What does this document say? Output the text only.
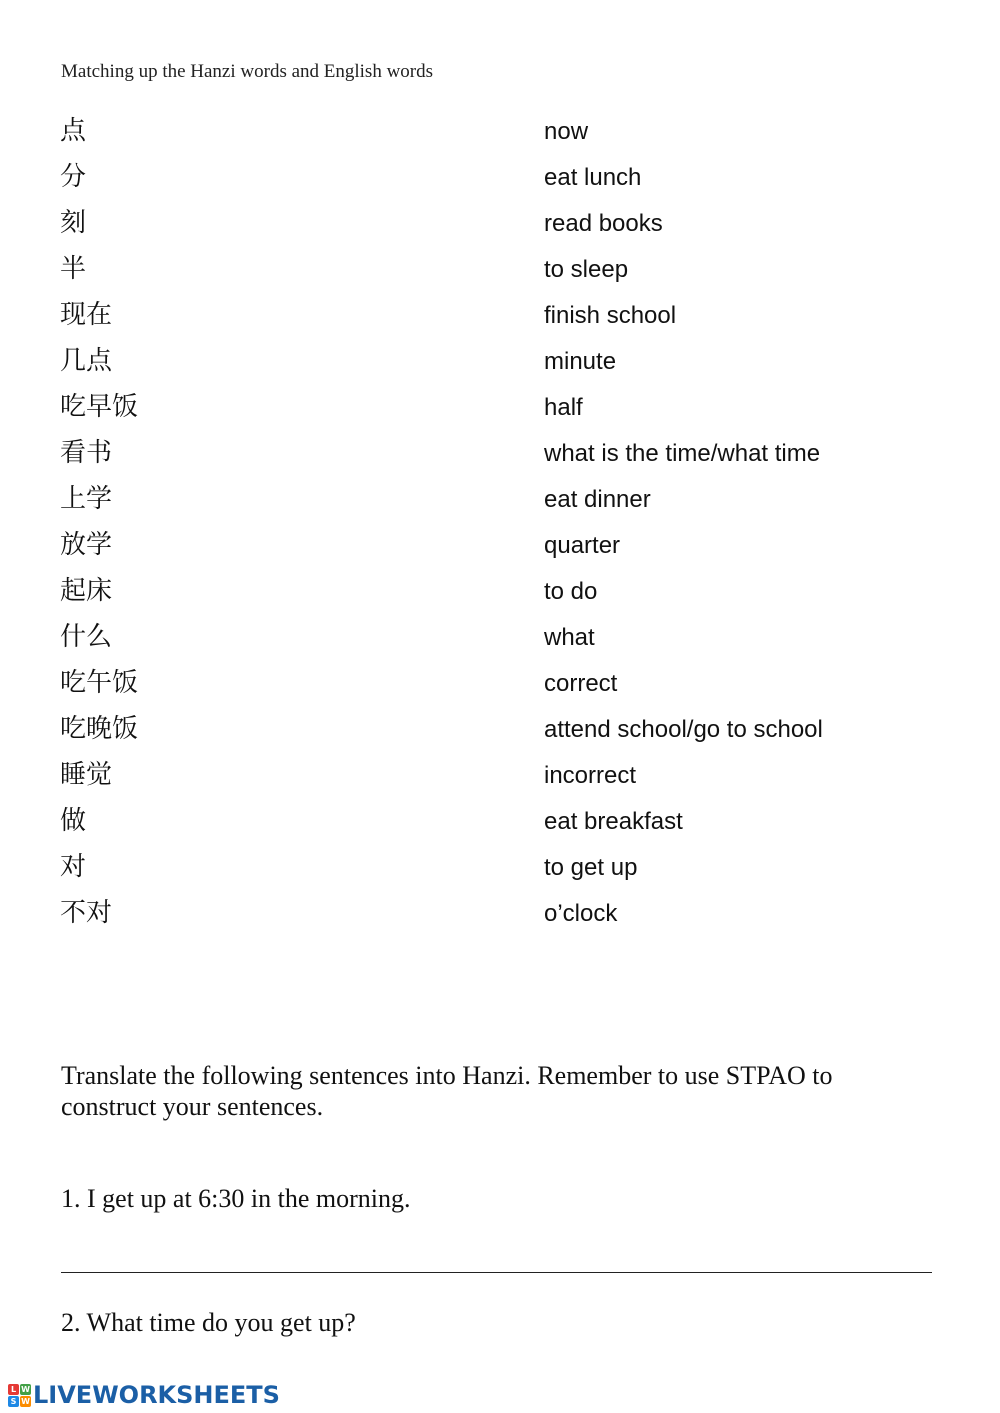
Matching up the Hanzi words and English words
点	now
分	eat lunch
刻	read books
半	to sleep
现在	finish school
几点	minute
吃早饭	half
看书	what is the time/what time
上学	eat dinner
放学	quarter
起床	to do
什么	what
吃午饭	correct
吃晚饭	attend school/go to school
睡觉	incorrect
做	eat breakfast
对	to get up
不对	o’clock
Translate the following sentences into Hanzi. Remember to use STPAO to construct your sentences.
1. I get up at 6:30 in the morning.
2. What time do you get up?
L W
S W LIVEWORKSHEETS
